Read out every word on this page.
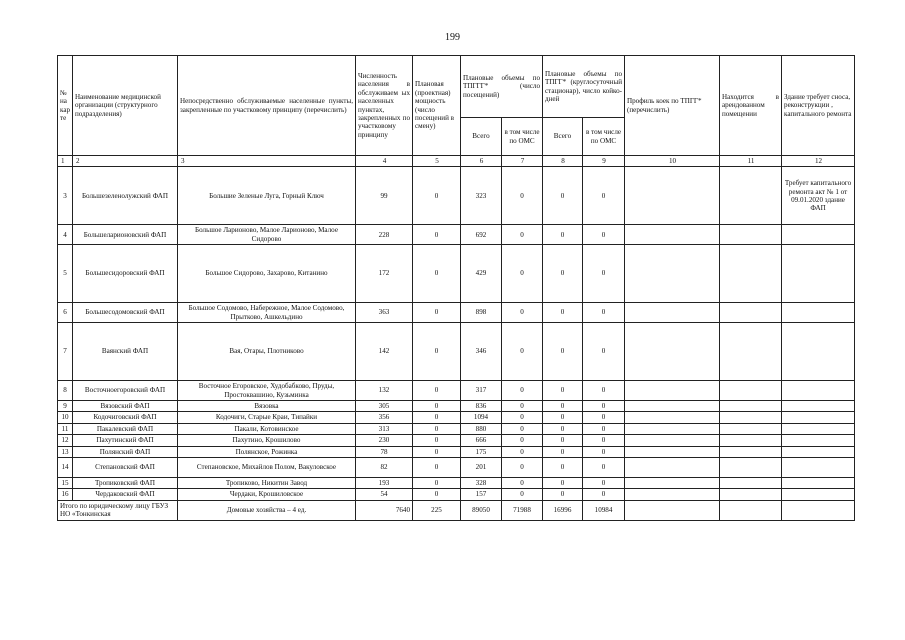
199
№ на кар те	Наименование медицинской организации (структурного подразделения)	Непосредственно обслуживаемые населенные пункты, закрепленные по участковому принципу (перечислить)	Численность населения в обслуживаем ых населенных пунктах, закрепленных по участковому принципу	Плановая (проектная) мощность (число посещений в смену)	Плановые объемы по ТПГГГ* (число посещений)		Плановые объемы по ТПГГ* (круглосуточный стационар), число койко-дней		Профиль коек по ТПГГ* (перечислить)	Находится в арендованном помещении	Здание требует сноса, реконструкции , капитального ремонта
					Всего	в том числе по ОМС	Всего	в том числе по ОМС			
1	2	3	4	5	6	7	8	9	10	11	12
3	Большезеленолужский ФАП	Большие Зеленые Луга, Горный Ключ	99	0	323	0	0	0			Требует капитального ремонта акт № 1 от 09.01.2020 здание ФАП
4	Большеларионовский ФАП	Большое Ларионово, Малое Ларионово, Малое Сидорово	228	0	692	0	0	0			
5	Большесидоровский ФАП	Большое Сидорово, Захарово, Китанино	172	0	429	0	0	0			
6	Большесодомовский ФАП	Большое Содомово, Набережное, Малое Содомово, Прытково, Ашкельдино	363	0	898	0	0	0			
7	Ваянский ФАП	Вая, Отары, Плотниково	142	0	346	0	0	0			
8	Восточноегоровский ФАП	Восточное Егоровское, Худобабково, Пруды, Простоквашино, Кузьминка	132	0	317	0	0	0			
9	Вязовский ФАП	Вязовка	305	0	836	0	0	0			
10	Кодочиговский ФАП	Кодочиги, Старые Краи, Типайки	356	0	1094	0	0	0			
11	Пакалевский ФАП	Пакали, Котовинское	313	0	880	0	0	0			
12	Пахутинский ФАП	Пахутино, Крошилово	230	0	666	0	0	0			
13	Полянский ФАП	Полянское, Рожинка	78	0	175	0	0	0			
14	Степановский ФАП	Степановское, Михайлов Полом, Вакуловское	82	0	201	0	0	0			
15	Тропиковский ФАП	Тропиково, Никитин Завод	193	0	328	0	0	0			
16	Чердаковский ФАП	Чердаки, Крошиловское	54	0	157	0	0	0			
Итого по юридическому лицу ГБУЗ НО «Тонкинская		Домовые хозяйства – 4 ед.	7640	225	89050	71988	16996	10984			
